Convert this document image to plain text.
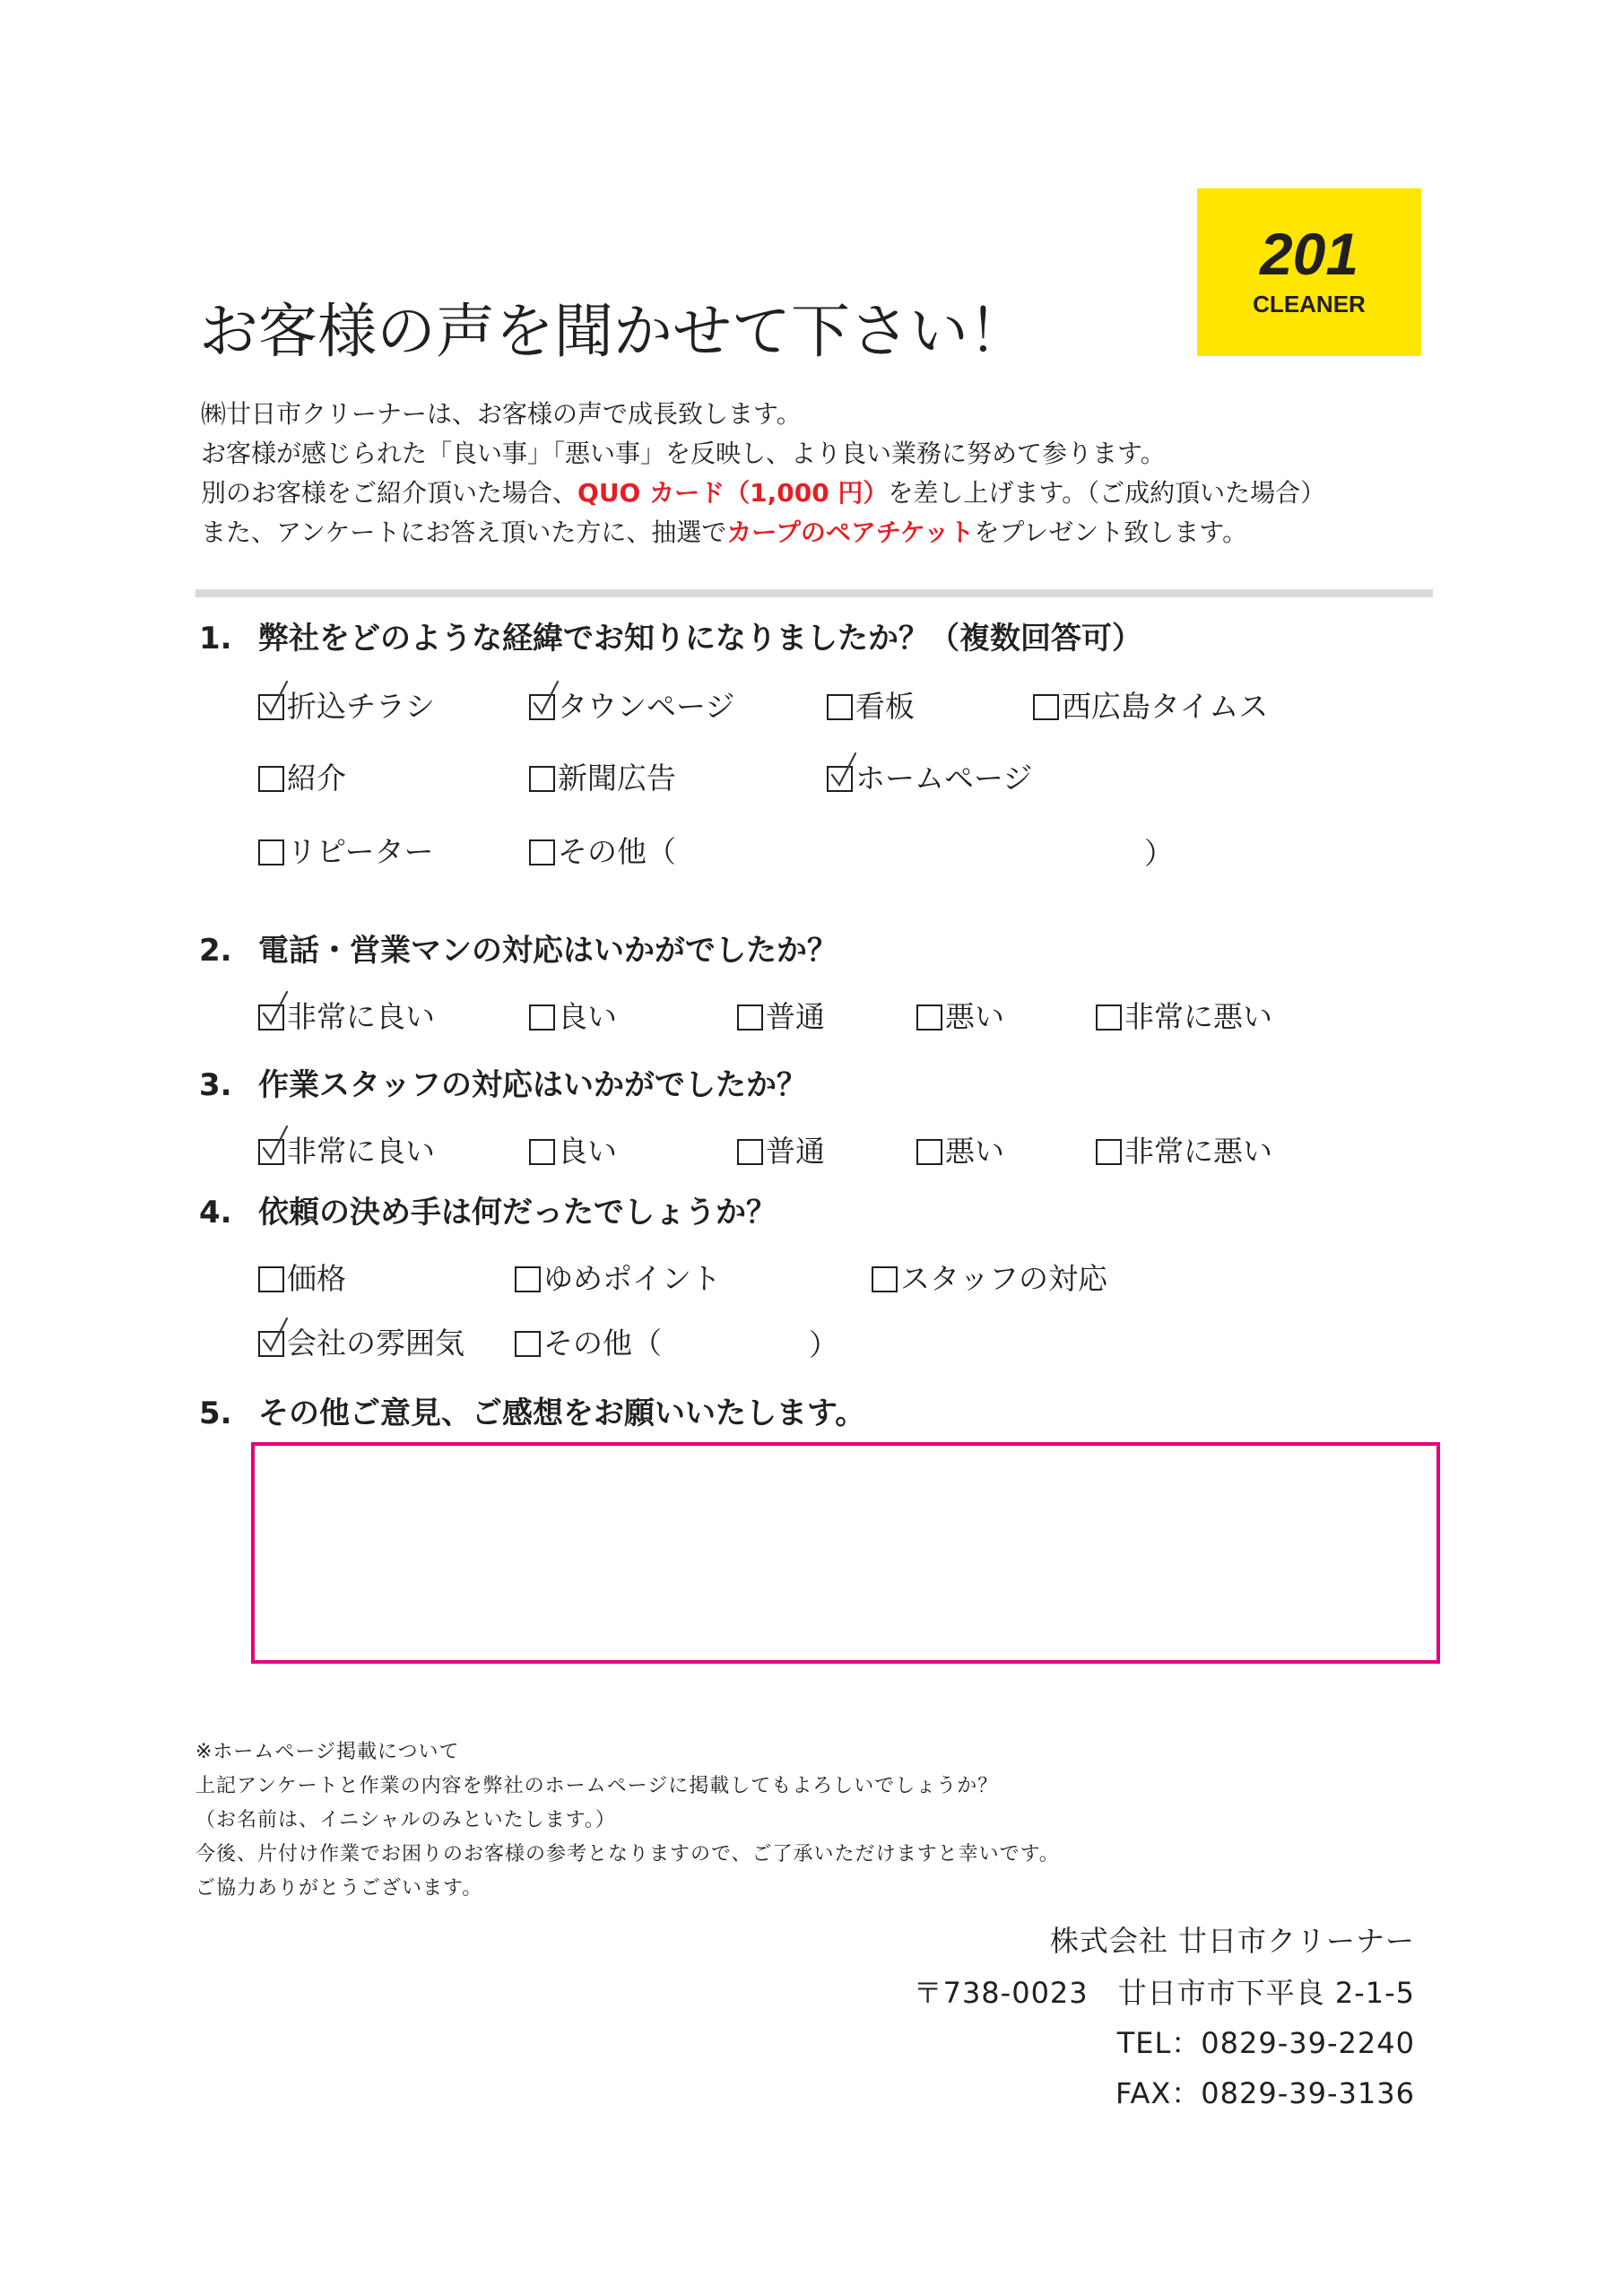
201
CLEANER
お客様の声を聞かせて下さい！
㈱廿日市クリーナーは、お客様の声で成長致します。
お客様が感じられた「良い事」「悪い事」を反映し、より良い業務に努めて参ります。
別のお客様をご紹介頂いた場合、QUO カード（1,000 円）を差し上げます。（ご成約頂いた場合）
また、アンケートにお答え頂いた方に、抽選でカープのペアチケットをプレゼント致します。
1. 弊社をどのような経緯でお知りになりましたか？（複数回答可）
折込チラシ	タウンページ	看板	西広島タイムス
紹介	新聞広告	ホームページ
リピーター	その他（	）
2. 電話・営業マンの対応はいかがでしたか？
非常に良い	良い	普通	悪い	非常に悪い
3. 作業スタッフの対応はいかがでしたか？
非常に良い	良い	普通	悪い	非常に悪い
4. 依頼の決め手は何だったでしょうか？
価格	ゆめポイント	スタッフの対応
会社の雰囲気	その他（	）
5. その他ご意見、ご感想をお願いいたします。
※ホームページ掲載について
上記アンケートと作業の内容を弊社のホームページに掲載してもよろしいでしょうか？
（お名前は、イニシャルのみといたします。）
今後、片付け作業でお困りのお客様の参考となりますので、ご了承いただけますと幸いです。
ご協力ありがとうございます。
株式会社 廿日市クリーナー
〒738-0023　廿日市市下平良 2-1-5
TEL：0829-39-2240
FAX：0829-39-3136
